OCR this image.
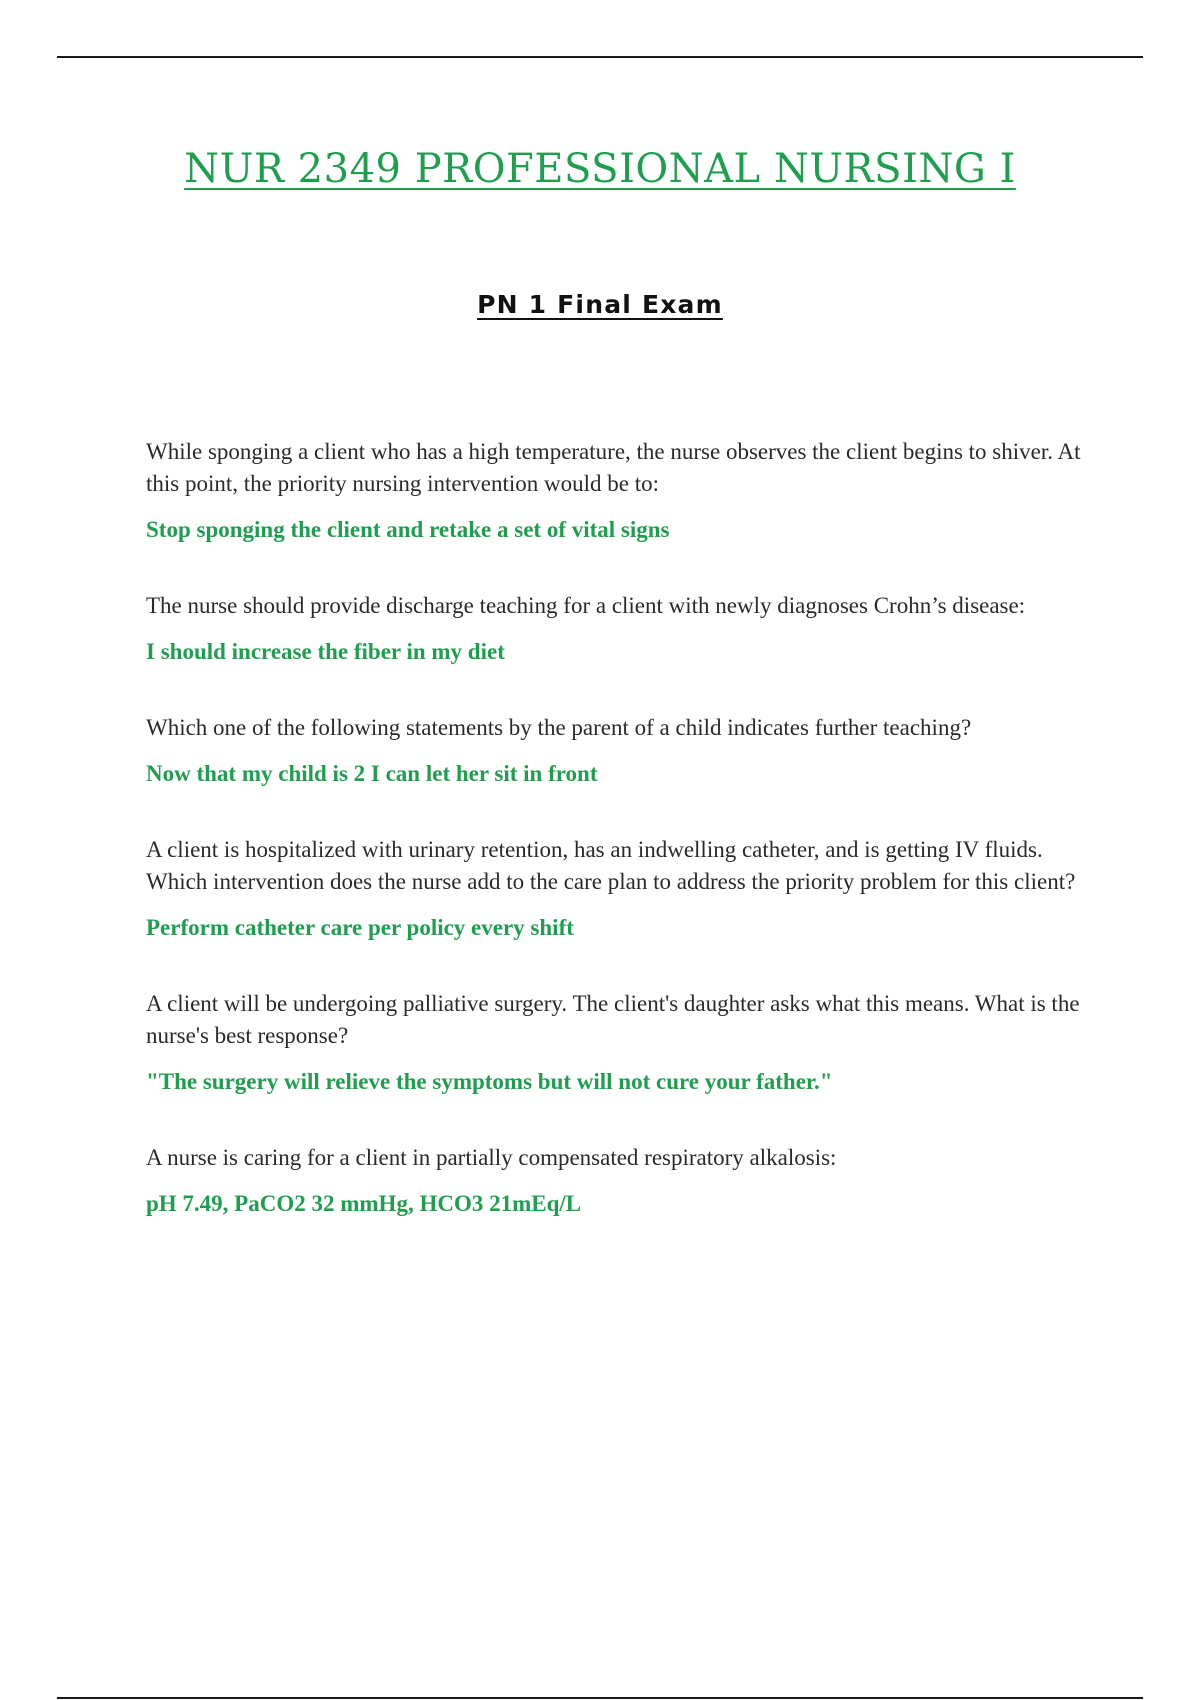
NUR 2349 PROFESSIONAL NURSING I
PN 1 Final Exam

While sponging a client who has a high temperature, the nurse observes the client begins to shiver. At this point, the priority nursing intervention would be to:

Stop sponging the client and retake a set of vital signs

The nurse should provide discharge teaching for a client with newly diagnoses Crohn’s disease:

I should increase the fiber in my diet

Which one of the following statements by the parent of a child indicates further teaching?

Now that my child is 2 I can let her sit in front

A client is hospitalized with urinary retention, has an indwelling catheter, and is getting IV fluids. Which intervention does the nurse add to the care plan to address the priority problem for this client?

Perform catheter care per policy every shift

A client will be undergoing palliative surgery. The client's daughter asks what this means. What is the nurse's best response?

"The surgery will relieve the symptoms but will not cure your father."

A nurse is caring for a client in partially compensated respiratory alkalosis:

pH 7.49, PaCO2 32 mmHg, HCO3 21mEq/L
